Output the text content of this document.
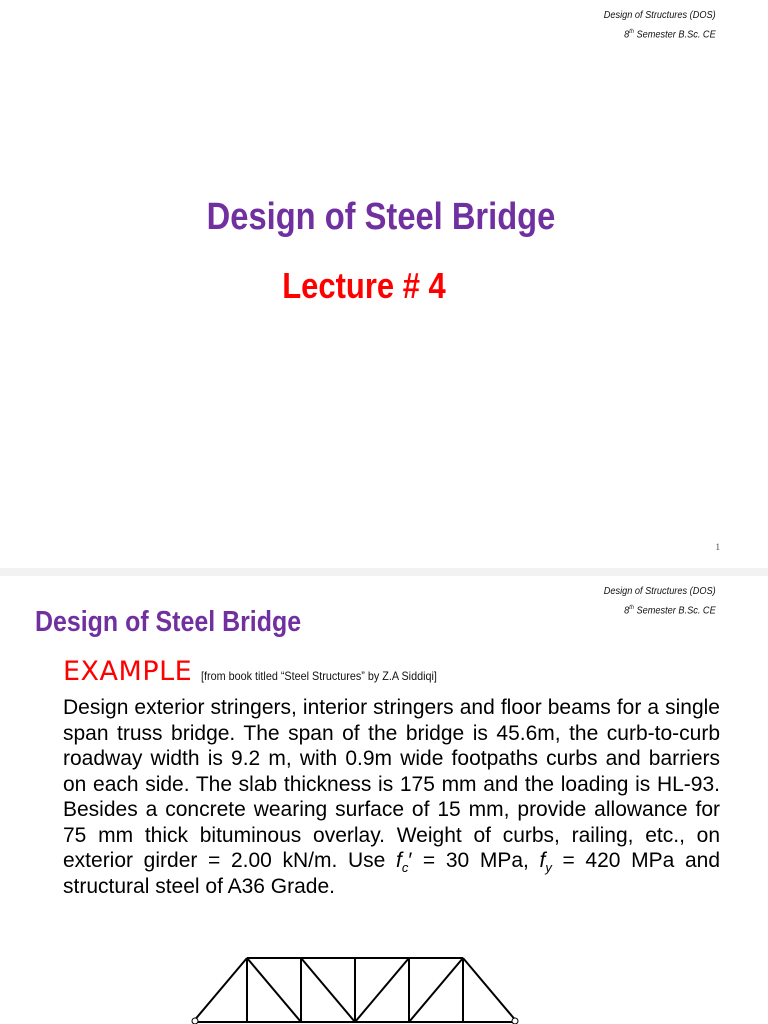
Design of Structures (DOS)
8th Semester B.Sc. CE
Design of Steel Bridge
Lecture # 4
1
Design of Structures (DOS)
8th Semester B.Sc. CE
Design of Steel Bridge
EXAMPLE [from book titled “Steel Structures” by Z.A Siddiqi]
Design exterior stringers, interior stringers and floor beams for a single span truss bridge. The span of the bridge is 45.6m, the curb-to-curb roadway width is 9.2 m, with 0.9m wide footpaths curbs and barriers on each side. The slab thickness is 175 mm and the loading is HL-93. Besides a concrete wearing surface of 15 mm, provide allowance for 75 mm thick bituminous overlay. Weight of curbs, railing, etc., on exterior girder = 2.00 kN/m. Use $f_c' = 30$ MPa, $f_y = 420$ MPa and structural steel of A36 Grade.
